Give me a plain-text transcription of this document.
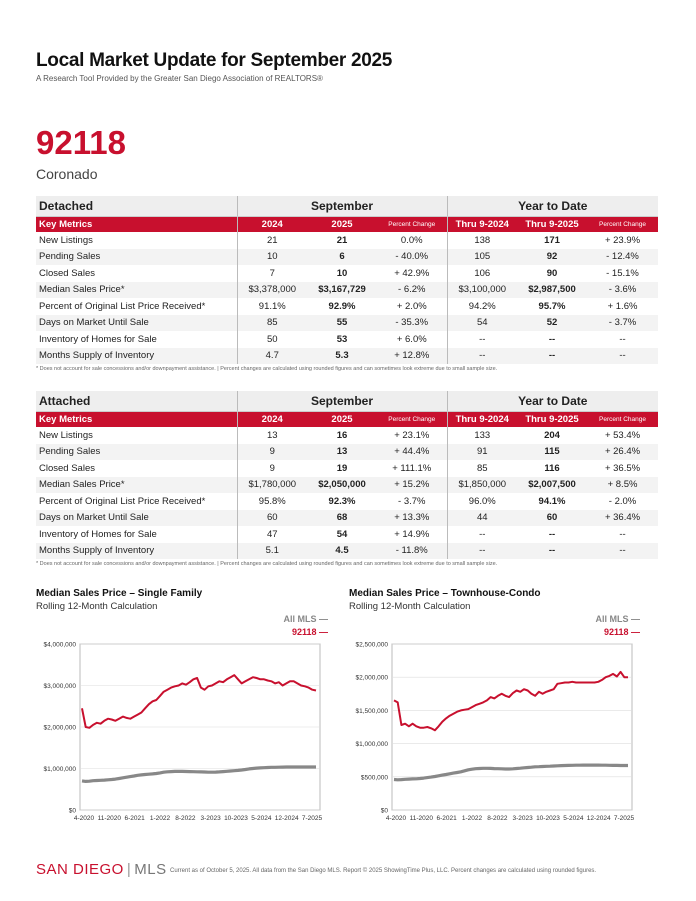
Local Market Update for September 2025
A Research Tool Provided by the Greater San Diego Association of REALTORS®
92118
Coronado
Detached	September			Year to Date		
Key Metrics	2024	2025	Percent Change	Thru 9-2024	Thru 9-2025	Percent Change
New Listings	21	21	0.0%	138	171	+ 23.9%
Pending Sales	10	6	- 40.0%	105	92	- 12.4%
Closed Sales	7	10	+ 42.9%	106	90	- 15.1%
Median Sales Price*	$3,378,000	$3,167,729	- 6.2%	$3,100,000	$2,987,500	- 3.6%
Percent of Original List Price Received*	91.1%	92.9%	+ 2.0%	94.2%	95.7%	+ 1.6%
Days on Market Until Sale	85	55	- 35.3%	54	52	- 3.7%
Inventory of Homes for Sale	50	53	+ 6.0%	--	--	--
Months Supply of Inventory	4.7	5.3	+ 12.8%	--	--	--
* Does not account for sale concessions and/or downpayment assistance. | Percent changes are calculated using rounded figures and can sometimes look extreme due to small sample size.
Attached	September			Year to Date		
Key Metrics	2024	2025	Percent Change	Thru 9-2024	Thru 9-2025	Percent Change
New Listings	13	16	+ 23.1%	133	204	+ 53.4%
Pending Sales	9	13	+ 44.4%	91	115	+ 26.4%
Closed Sales	9	19	+ 111.1%	85	116	+ 36.5%
Median Sales Price*	$1,780,000	$2,050,000	+ 15.2%	$1,850,000	$2,007,500	+ 8.5%
Percent of Original List Price Received*	95.8%	92.3%	- 3.7%	96.0%	94.1%	- 2.0%
Days on Market Until Sale	60	68	+ 13.3%	44	60	+ 36.4%
Inventory of Homes for Sale	47	54	+ 14.9%	--	--	--
Months Supply of Inventory	5.1	4.5	- 11.8%	--	--	--
* Does not account for sale concessions and/or downpayment assistance. | Percent changes are calculated using rounded figures and can sometimes look extreme due to small sample size.
Median Sales Price – Single Family
Rolling 12-Month Calculation
All MLS —
92118 —
$0
$1,000,000
$2,000,000
$3,000,000
$4,000,000
4-2020 11-2020 6-2021 1-2022 8-2022 3-2023 10-2023 5-2024 12-2024 7-2025
Median Sales Price – Townhouse-Condo
Rolling 12-Month Calculation
All MLS —
92118 —
$0
$500,000
$1,000,000
$1,500,000
$2,000,000
$2,500,000
4-2020 11-2020 6-2021 1-2022 8-2022 3-2023 10-2023 5-2024 12-2024 7-2025
SAN DIEGO | MLS Current as of October 5, 2025. All data from the San Diego MLS. Report © 2025 ShowingTime Plus, LLC. Percent changes are calculated using rounded figures.
